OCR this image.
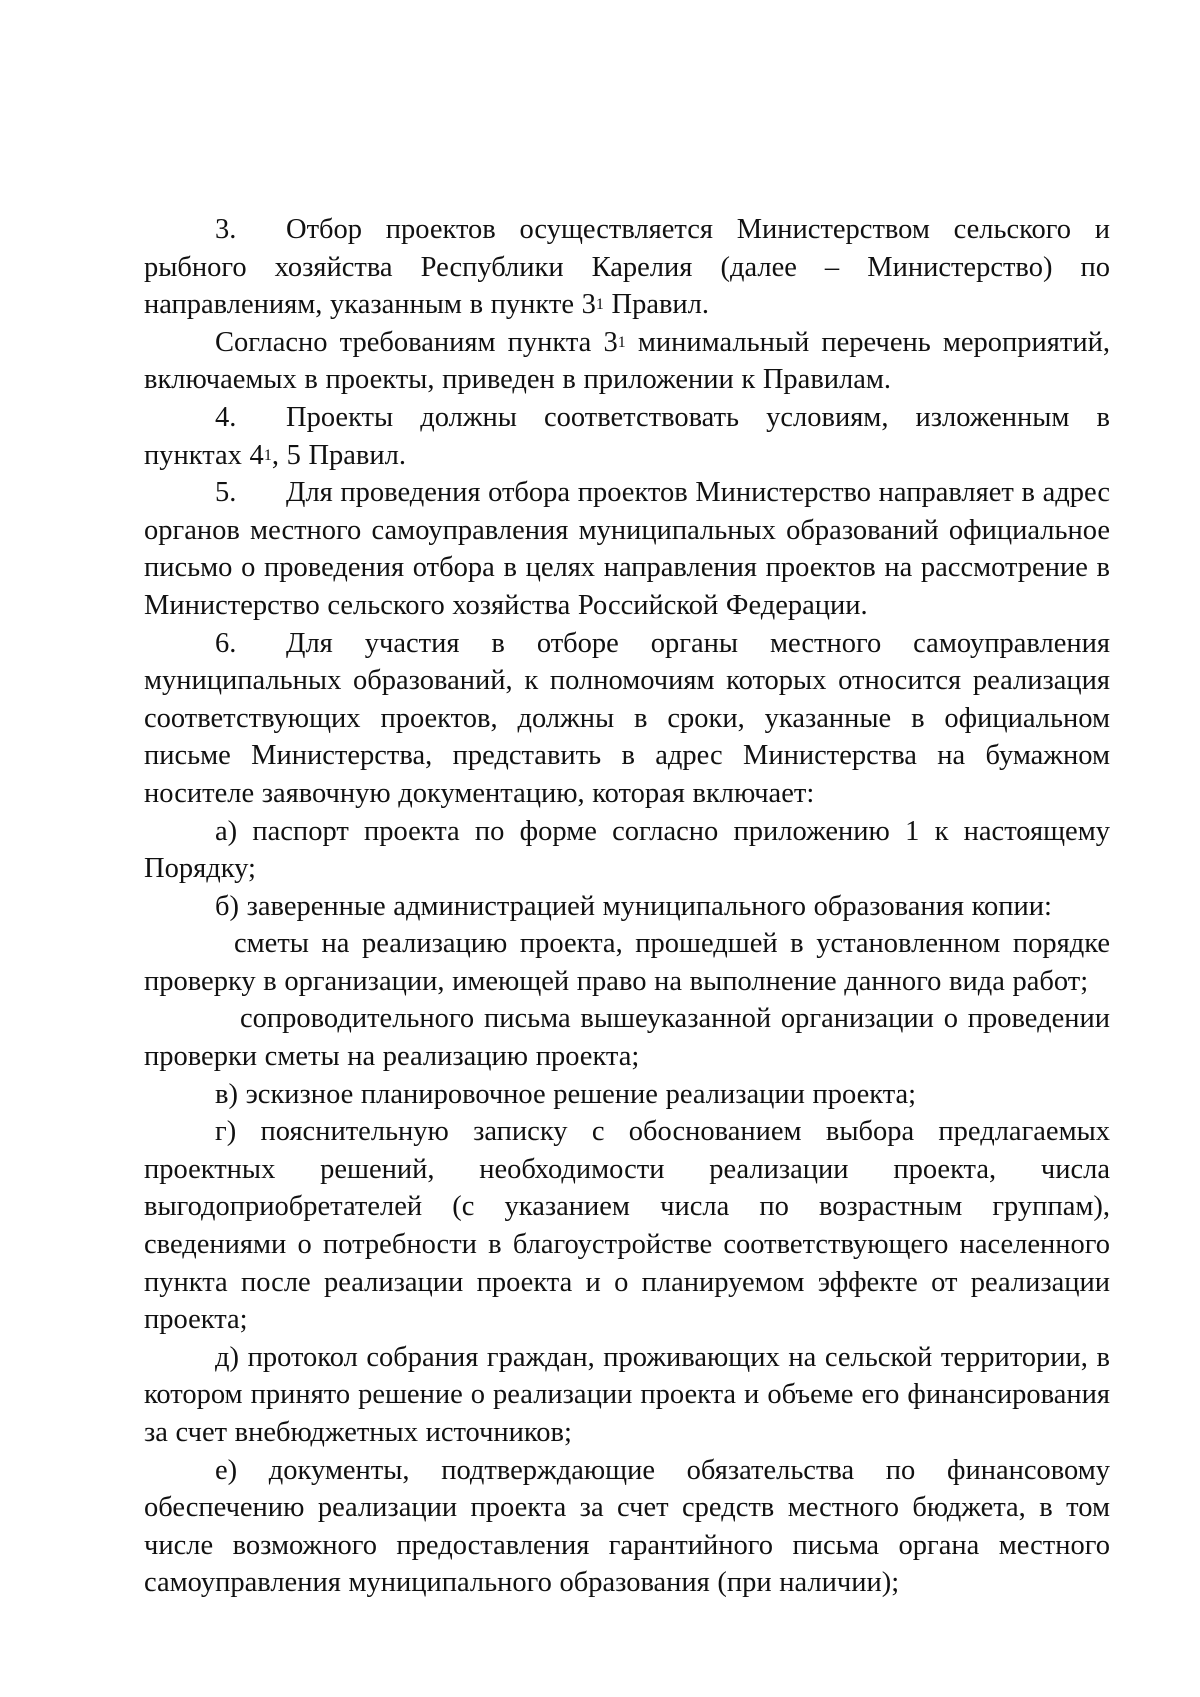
3. Отбор проектов осуществляется Министерством сельского и рыбного хозяйства Республики Карелия (далее – Министерство) по направлениям, указанным в пункте $3^1$ Правил.

Согласно требованиям пункта $3^1$ минимальный перечень мероприятий, включаемых в проекты, приведен в приложении к Правилам.

4. Проекты должны соответствовать условиям, изложенным в пунктах $4^1$, 5 Правил.

5. Для проведения отбора проектов Министерство направляет в адрес органов местного самоуправления муниципальных образований официальное письмо о проведения отбора в целях направления проектов на рассмотрение в Министерство сельского хозяйства Российской Федерации.

6. Для участия в отборе органы местного самоуправления муниципальных образований, к полномочиям которых относится реализация соответствующих проектов, должны в сроки, указанные в официальном письме Министерства, представить в адрес Министерства на бумажном носителе заявочную документацию, которая включает:

а) паспорт проекта по форме согласно приложению 1 к настоящему Порядку;

б) заверенные администрацией муниципального образования копии:

сметы на реализацию проекта, прошедшей в установленном порядке проверку в организации, имеющей право на выполнение данного вида работ;

сопроводительного письма вышеуказанной организации о проведении проверки сметы на реализацию проекта;

в) эскизное планировочное решение реализации проекта;

г) пояснительную записку с обоснованием выбора предлагаемых проектных решений, необходимости реализации проекта, числа выгодоприобретателей (с указанием числа по возрастным группам), сведениями о потребности в благоустройстве соответствующего населенного пункта после реализации проекта и о планируемом эффекте от реализации проекта;

д) протокол собрания граждан, проживающих на сельской территории, в котором принято решение о реализации проекта и объеме его финансирования за счет внебюджетных источников;

е) документы, подтверждающие обязательства по финансовому обеспечению реализации проекта за счет средств местного бюджета, в том числе возможного предоставления гарантийного письма органа местного самоуправления муниципального образования (при наличии);
